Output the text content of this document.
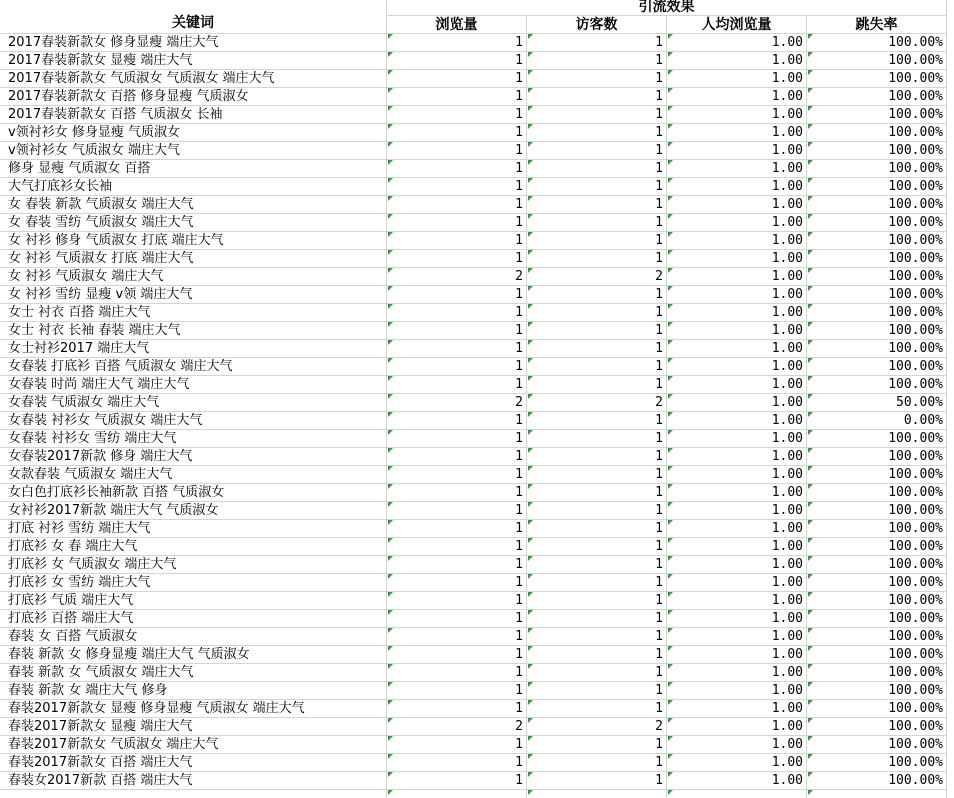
关键词
引流效果
浏览量	访客数	人均浏览量	跳失率
2017春装新款女 修身显瘦 端庄大气	1	1	1.00	100.00%
2017春装新款女 显瘦 端庄大气	1	1	1.00	100.00%
2017春装新款女 气质淑女 气质淑女 端庄大气	1	1	1.00	100.00%
2017春装新款女 百搭 修身显瘦 气质淑女	1	1	1.00	100.00%
2017春装新款女 百搭 气质淑女 长袖	1	1	1.00	100.00%
v领衬衫女 修身显瘦 气质淑女	1	1	1.00	100.00%
v领衬衫女 气质淑女 端庄大气	1	1	1.00	100.00%
修身 显瘦 气质淑女 百搭	1	1	1.00	100.00%
大气打底衫女长袖	1	1	1.00	100.00%
女 春装 新款 气质淑女 端庄大气	1	1	1.00	100.00%
女 春装 雪纺 气质淑女 端庄大气	1	1	1.00	100.00%
女 衬衫 修身 气质淑女 打底 端庄大气	1	1	1.00	100.00%
女 衬衫 气质淑女 打底 端庄大气	1	1	1.00	100.00%
女 衬衫 气质淑女 端庄大气	2	2	1.00	100.00%
女 衬衫 雪纺 显瘦 v领 端庄大气	1	1	1.00	100.00%
女士 衬衣 百搭 端庄大气	1	1	1.00	100.00%
女士 衬衣 长袖 春装 端庄大气	1	1	1.00	100.00%
女士衬衫2017 端庄大气	1	1	1.00	100.00%
女春装 打底衫 百搭 气质淑女 端庄大气	1	1	1.00	100.00%
女春装 时尚 端庄大气 端庄大气	1	1	1.00	100.00%
女春装 气质淑女 端庄大气	2	2	1.00	50.00%
女春装 衬衫女 气质淑女 端庄大气	1	1	1.00	0.00%
女春装 衬衫女 雪纺 端庄大气	1	1	1.00	100.00%
女春装2017新款 修身 端庄大气	1	1	1.00	100.00%
女款春装 气质淑女 端庄大气	1	1	1.00	100.00%
女白色打底衫长袖新款 百搭 气质淑女	1	1	1.00	100.00%
女衬衫2017新款 端庄大气 气质淑女	1	1	1.00	100.00%
打底 衬衫 雪纺 端庄大气	1	1	1.00	100.00%
打底衫 女 春 端庄大气	1	1	1.00	100.00%
打底衫 女 气质淑女 端庄大气	1	1	1.00	100.00%
打底衫 女 雪纺 端庄大气	1	1	1.00	100.00%
打底衫 气质 端庄大气	1	1	1.00	100.00%
打底衫 百搭 端庄大气	1	1	1.00	100.00%
春装 女 百搭 气质淑女	1	1	1.00	100.00%
春装 新款 女 修身显瘦 端庄大气 气质淑女	1	1	1.00	100.00%
春装 新款 女 气质淑女 端庄大气	1	1	1.00	100.00%
春装 新款 女 端庄大气 修身	1	1	1.00	100.00%
春装2017新款女 显瘦 修身显瘦 气质淑女 端庄大气	1	1	1.00	100.00%
春装2017新款女 显瘦 端庄大气	2	2	1.00	100.00%
春装2017新款女 气质淑女 端庄大气	1	1	1.00	100.00%
春装2017新款女 百搭 端庄大气	1	1	1.00	100.00%
春装女2017新款 百搭 端庄大气	1	1	1.00	100.00%
